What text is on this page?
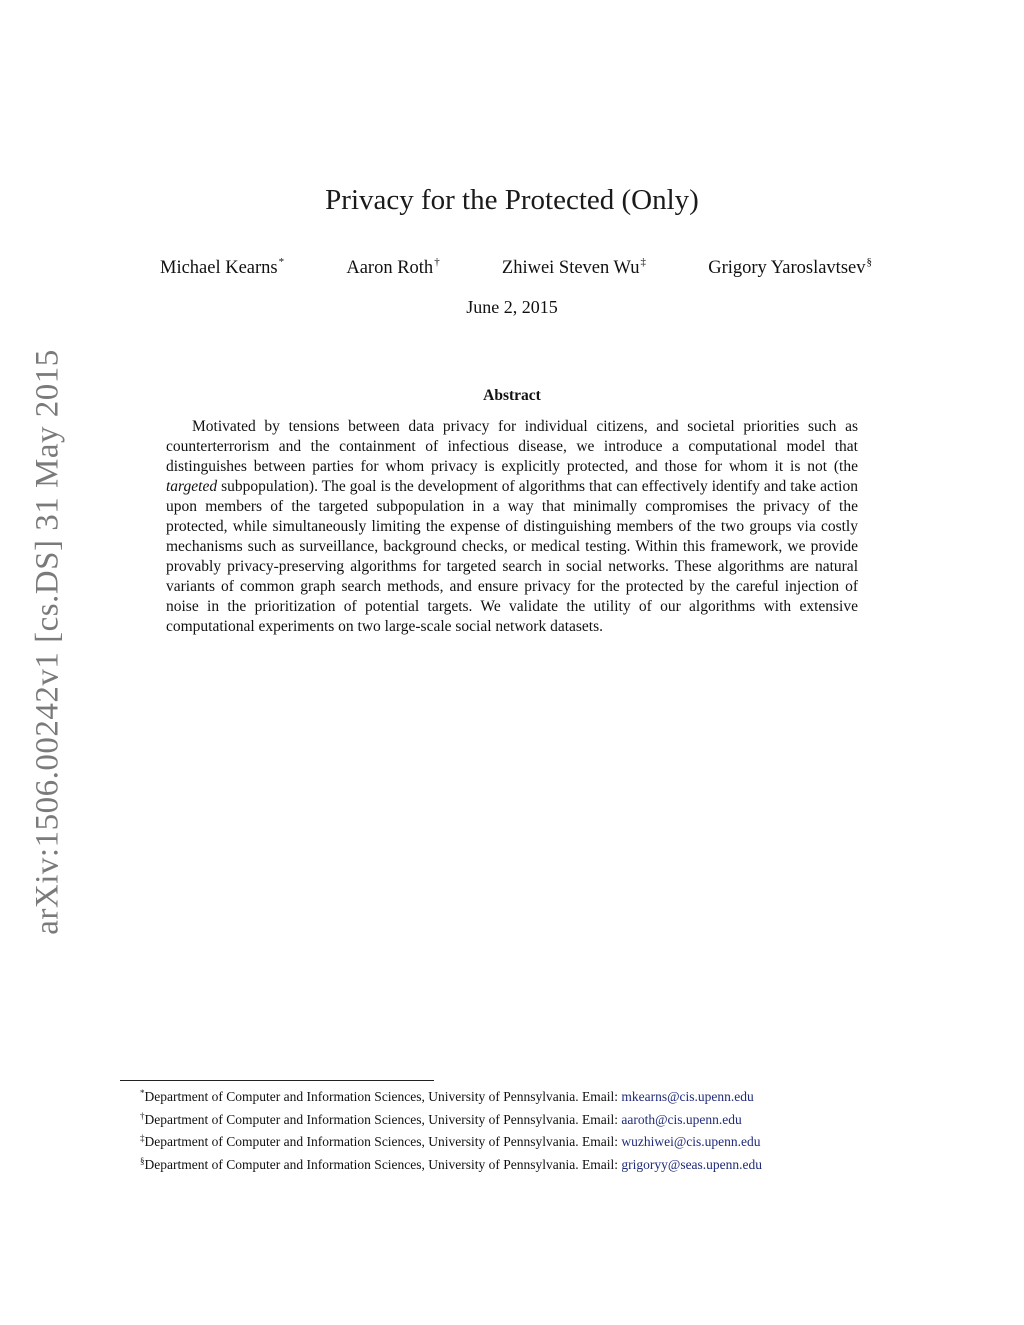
arXiv:1506.00242v1 [cs.DS] 31 May 2015
Privacy for the Protected (Only)
Michael Kearns*	Aaron Roth†	Zhiwei Steven Wu‡	Grigory Yaroslavtsev§
June 2, 2015
Abstract

Motivated by tensions between data privacy for individual citizens, and societal priorities such as counterterrorism and the containment of infectious disease, we introduce a computational model that distinguishes between parties for whom privacy is explicitly protected, and those for whom it is not (the targeted subpopulation). The goal is the development of algorithms that can effectively identify and take action upon members of the targeted subpopulation in a way that minimally compromises the privacy of the protected, while simultaneously limiting the expense of distinguishing members of the two groups via costly mechanisms such as surveillance, background checks, or medical testing. Within this framework, we provide provably privacy-preserving algorithms for targeted search in social networks. These algorithms are natural variants of common graph search methods, and ensure privacy for the protected by the careful injection of noise in the prioritization of potential targets. We validate the utility of our algorithms with extensive computational experiments on two large-scale social network datasets.

*Department of Computer and Information Sciences, University of Pennsylvania. Email: mkearns@cis.upenn.edu
†Department of Computer and Information Sciences, University of Pennsylvania. Email: aaroth@cis.upenn.edu
‡Department of Computer and Information Sciences, University of Pennsylvania. Email: wuzhiwei@cis.upenn.edu
§Department of Computer and Information Sciences, University of Pennsylvania. Email: grigoryy@seas.upenn.edu
